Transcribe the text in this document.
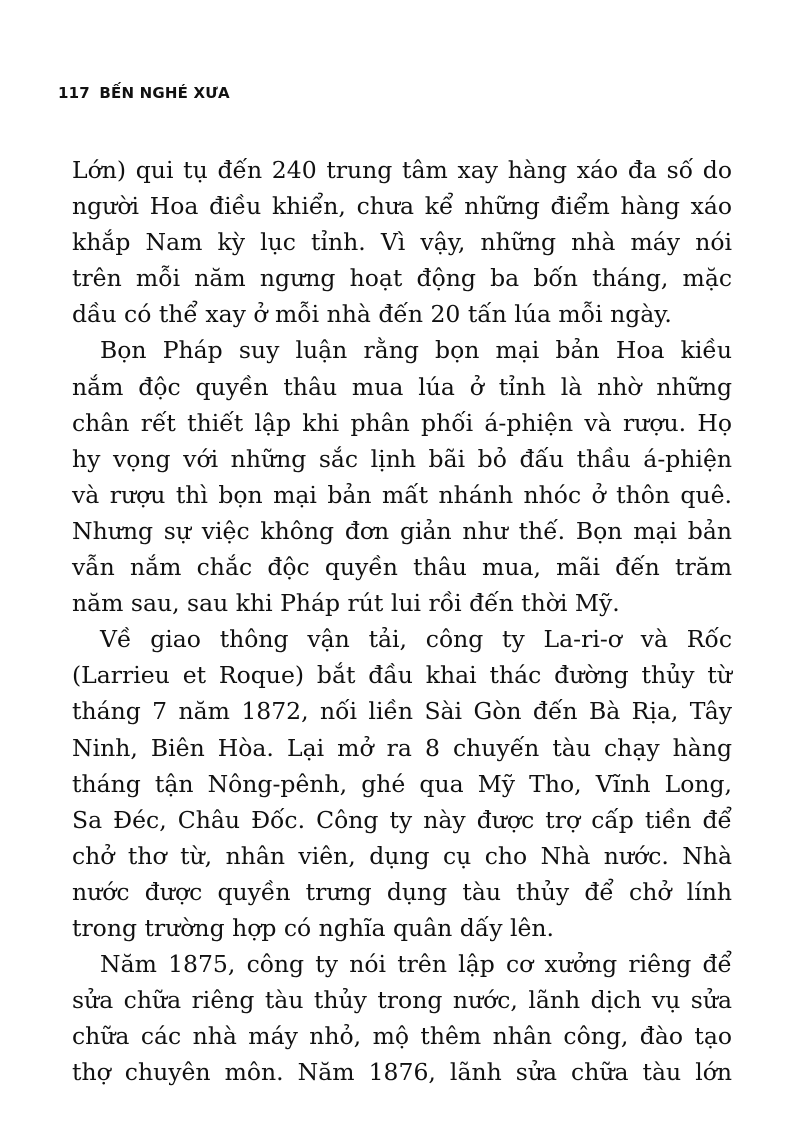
117 BẾN NGHÉ XƯA
Lớn) qui tụ đến 240 trung tâm xay hàng xáo đa số do
người Hoa điều khiển, chưa kể những điểm hàng xáo
khắp Nam kỳ lục tỉnh. Vì vậy, những nhà máy nói
trên mỗi năm ngưng hoạt động ba bốn tháng, mặc
dầu có thể xay ở mỗi nhà đến 20 tấn lúa mỗi ngày.
Bọn Pháp suy luận rằng bọn mại bản Hoa kiều
nắm độc quyền thâu mua lúa ở tỉnh là nhờ những
chân rết thiết lập khi phân phối á-phiện và rượu. Họ
hy vọng với những sắc lịnh bãi bỏ đấu thầu á-phiện
và rượu thì bọn mại bản mất nhánh nhóc ở thôn quê.
Nhưng sự việc không đơn giản như thế. Bọn mại bản
vẫn nắm chắc độc quyền thâu mua, mãi đến trăm
năm sau, sau khi Pháp rút lui rồi đến thời Mỹ.
Về giao thông vận tải, công ty La-ri-ơ và Rốc
(Larrieu et Roque) bắt đầu khai thác đường thủy từ
tháng 7 năm 1872, nối liền Sài Gòn đến Bà Rịa, Tây
Ninh, Biên Hòa. Lại mở ra 8 chuyến tàu chạy hàng
tháng tận Nông-pênh, ghé qua Mỹ Tho, Vĩnh Long,
Sa Đéc, Châu Đốc. Công ty này được trợ cấp tiền để
chở thơ từ, nhân viên, dụng cụ cho Nhà nước. Nhà
nước được quyền trưng dụng tàu thủy để chở lính
trong trường hợp có nghĩa quân dấy lên.
Năm 1875, công ty nói trên lập cơ xưởng riêng để
sửa chữa riêng tàu thủy trong nước, lãnh dịch vụ sửa
chữa các nhà máy nhỏ, mộ thêm nhân công, đào tạo
thợ chuyên môn. Năm 1876, lãnh sửa chữa tàu lớn
